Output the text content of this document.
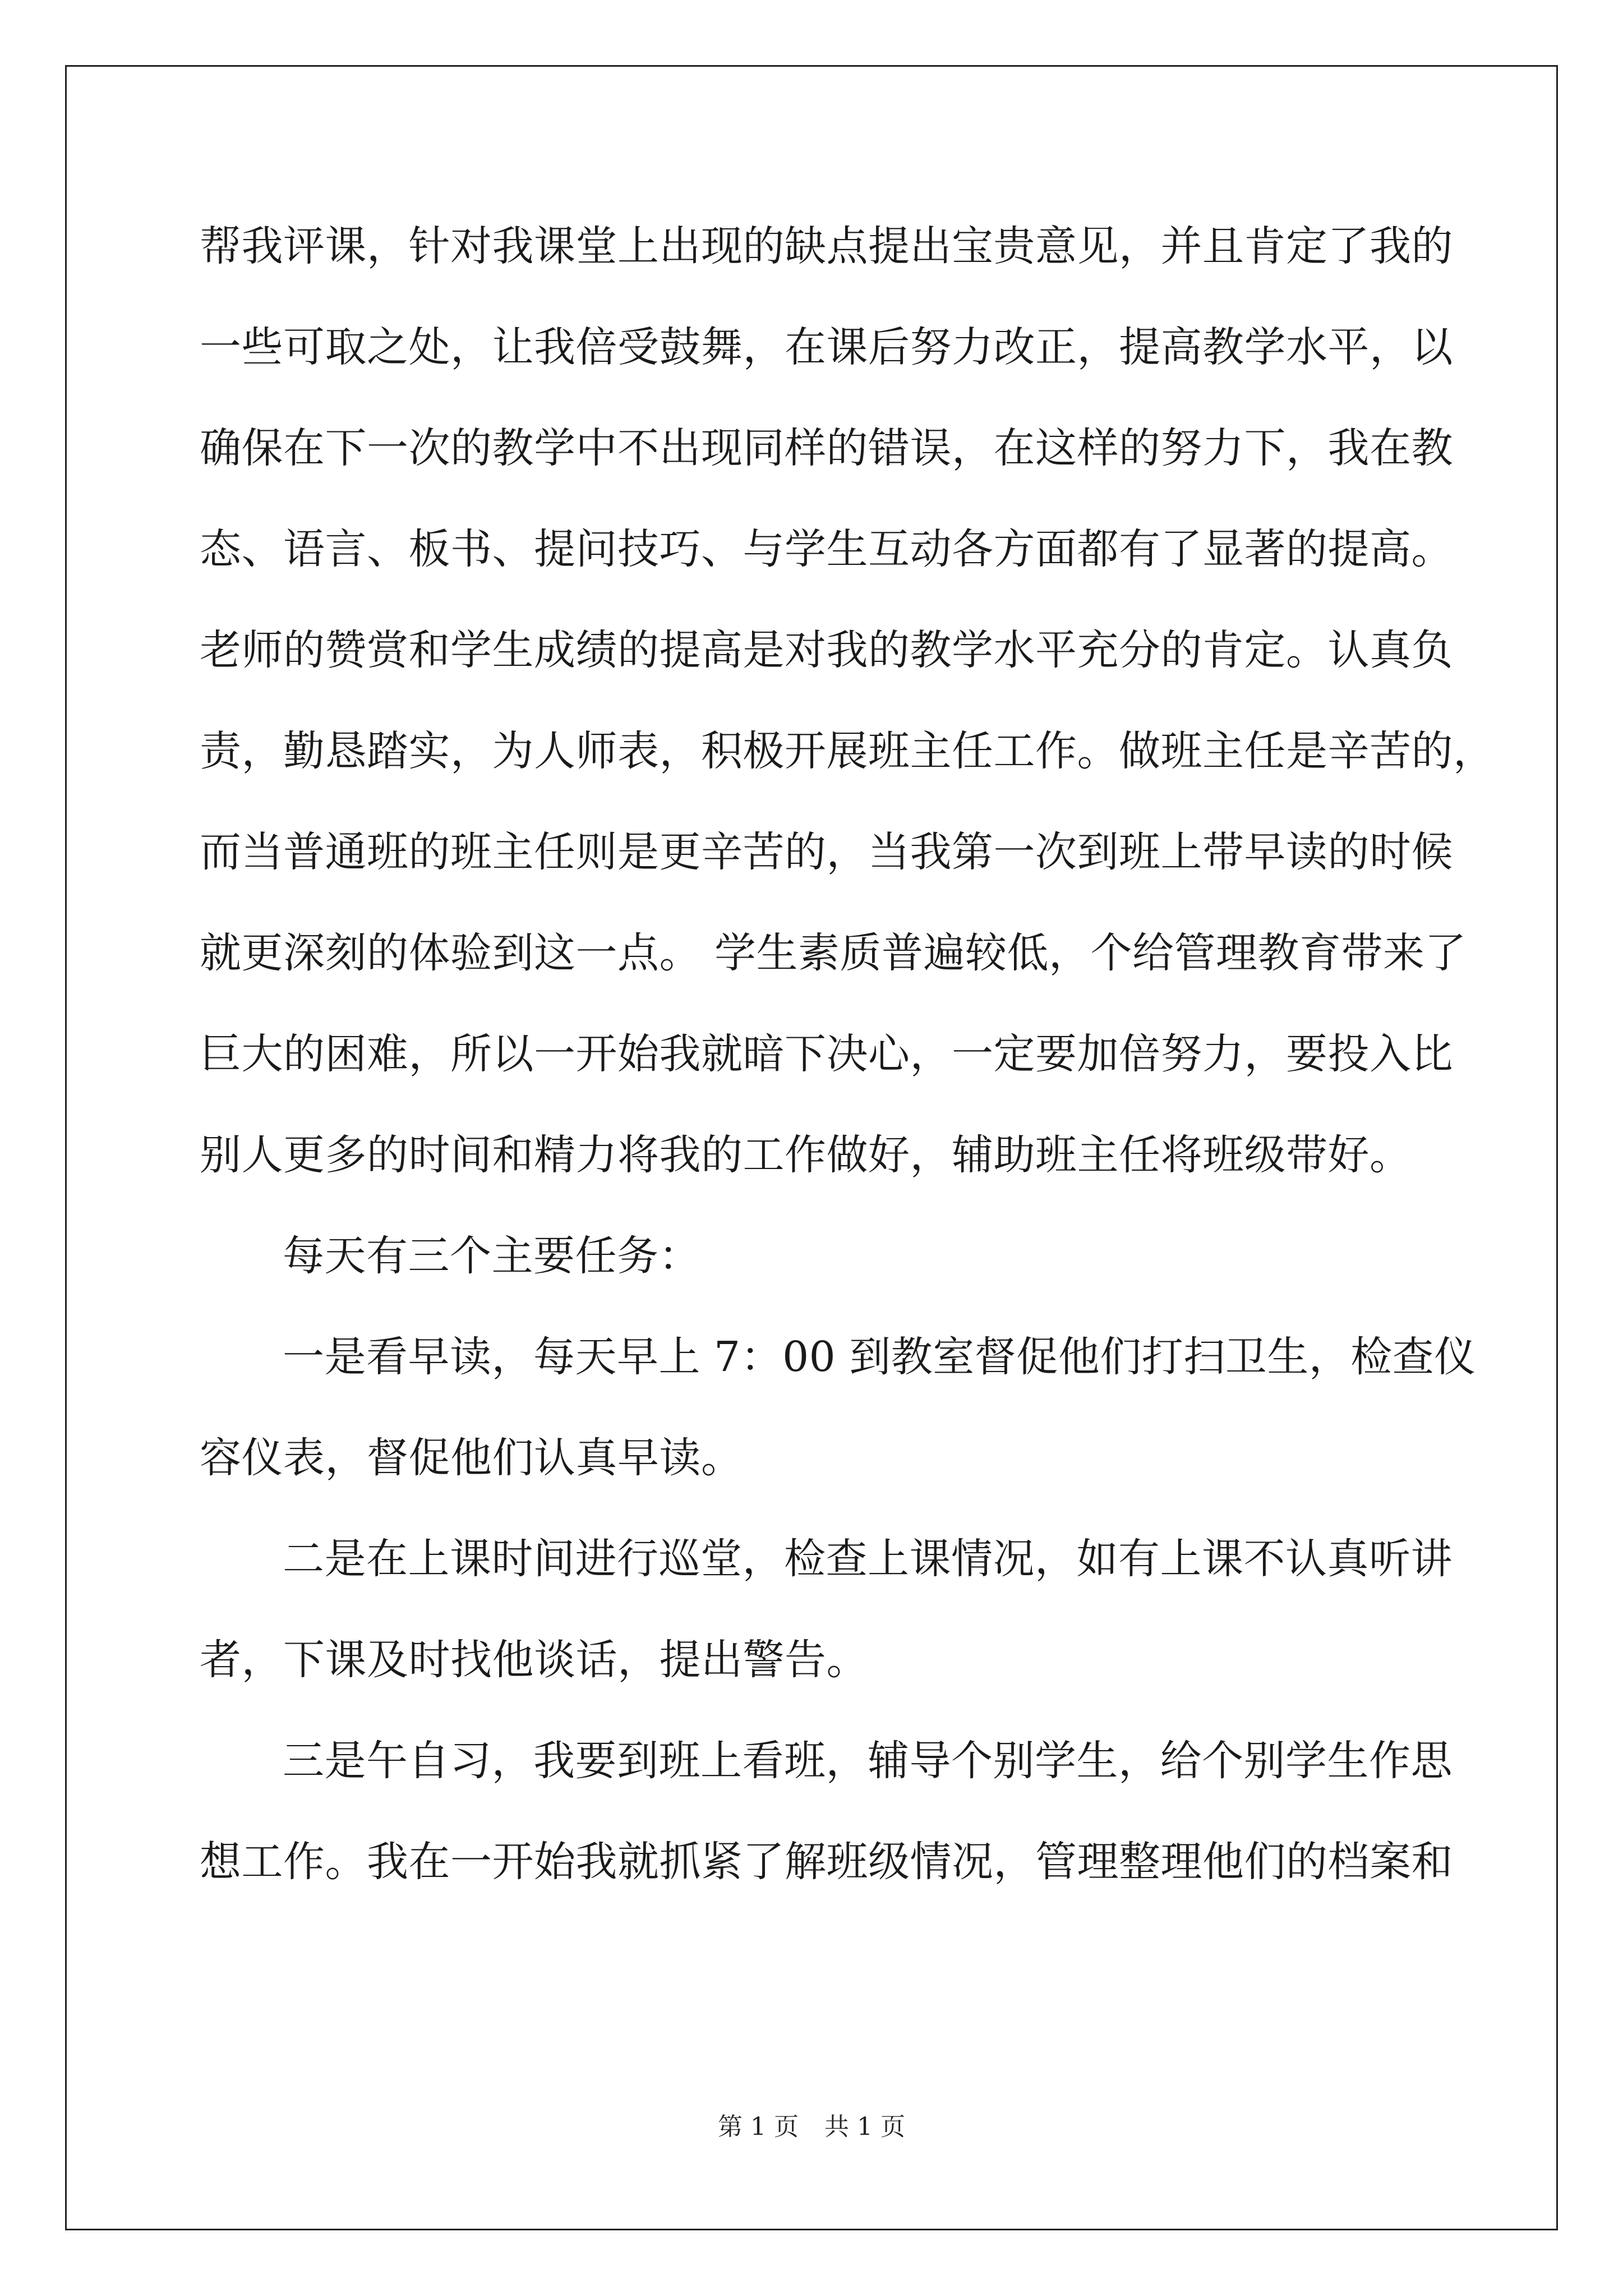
帮我评课，针对我课堂上出现的缺点提出宝贵意见，并且肯定了我的
一些可取之处，让我倍受鼓舞，在课后努力改正，提高教学水平，以
确保在下一次的教学中不出现同样的错误，在这样的努力下，我在教
态、语言、板书、提问技巧、与学生互动各方面都有了显著的提高。
老师的赞赏和学生成绩的提高是对我的教学水平充分的肯定。认真负
责，勤恳踏实，为人师表，积极开展班主任工作。做班主任是辛苦的，
而当普通班的班主任则是更辛苦的，当我第一次到班上带早读的时候
就更深刻的体验到这一点。 学生素质普遍较低，个给管理教育带来了
巨大的困难，所以一开始我就暗下决心，一定要加倍努力，要投入比
别人更多的时间和精力将我的工作做好，辅助班主任将班级带好。
每天有三个主要任务：
一是看早读，每天早上 7：00 到教室督促他们打扫卫生，检查仪
容仪表，督促他们认真早读。
二是在上课时间进行巡堂，检查上课情况，如有上课不认真听讲
者，下课及时找他谈话，提出警告。
三是午自习，我要到班上看班，辅导个别学生，给个别学生作思
想工作。我在一开始我就抓紧了解班级情况，管理整理他们的档案和
第 1 页 共 1 页
